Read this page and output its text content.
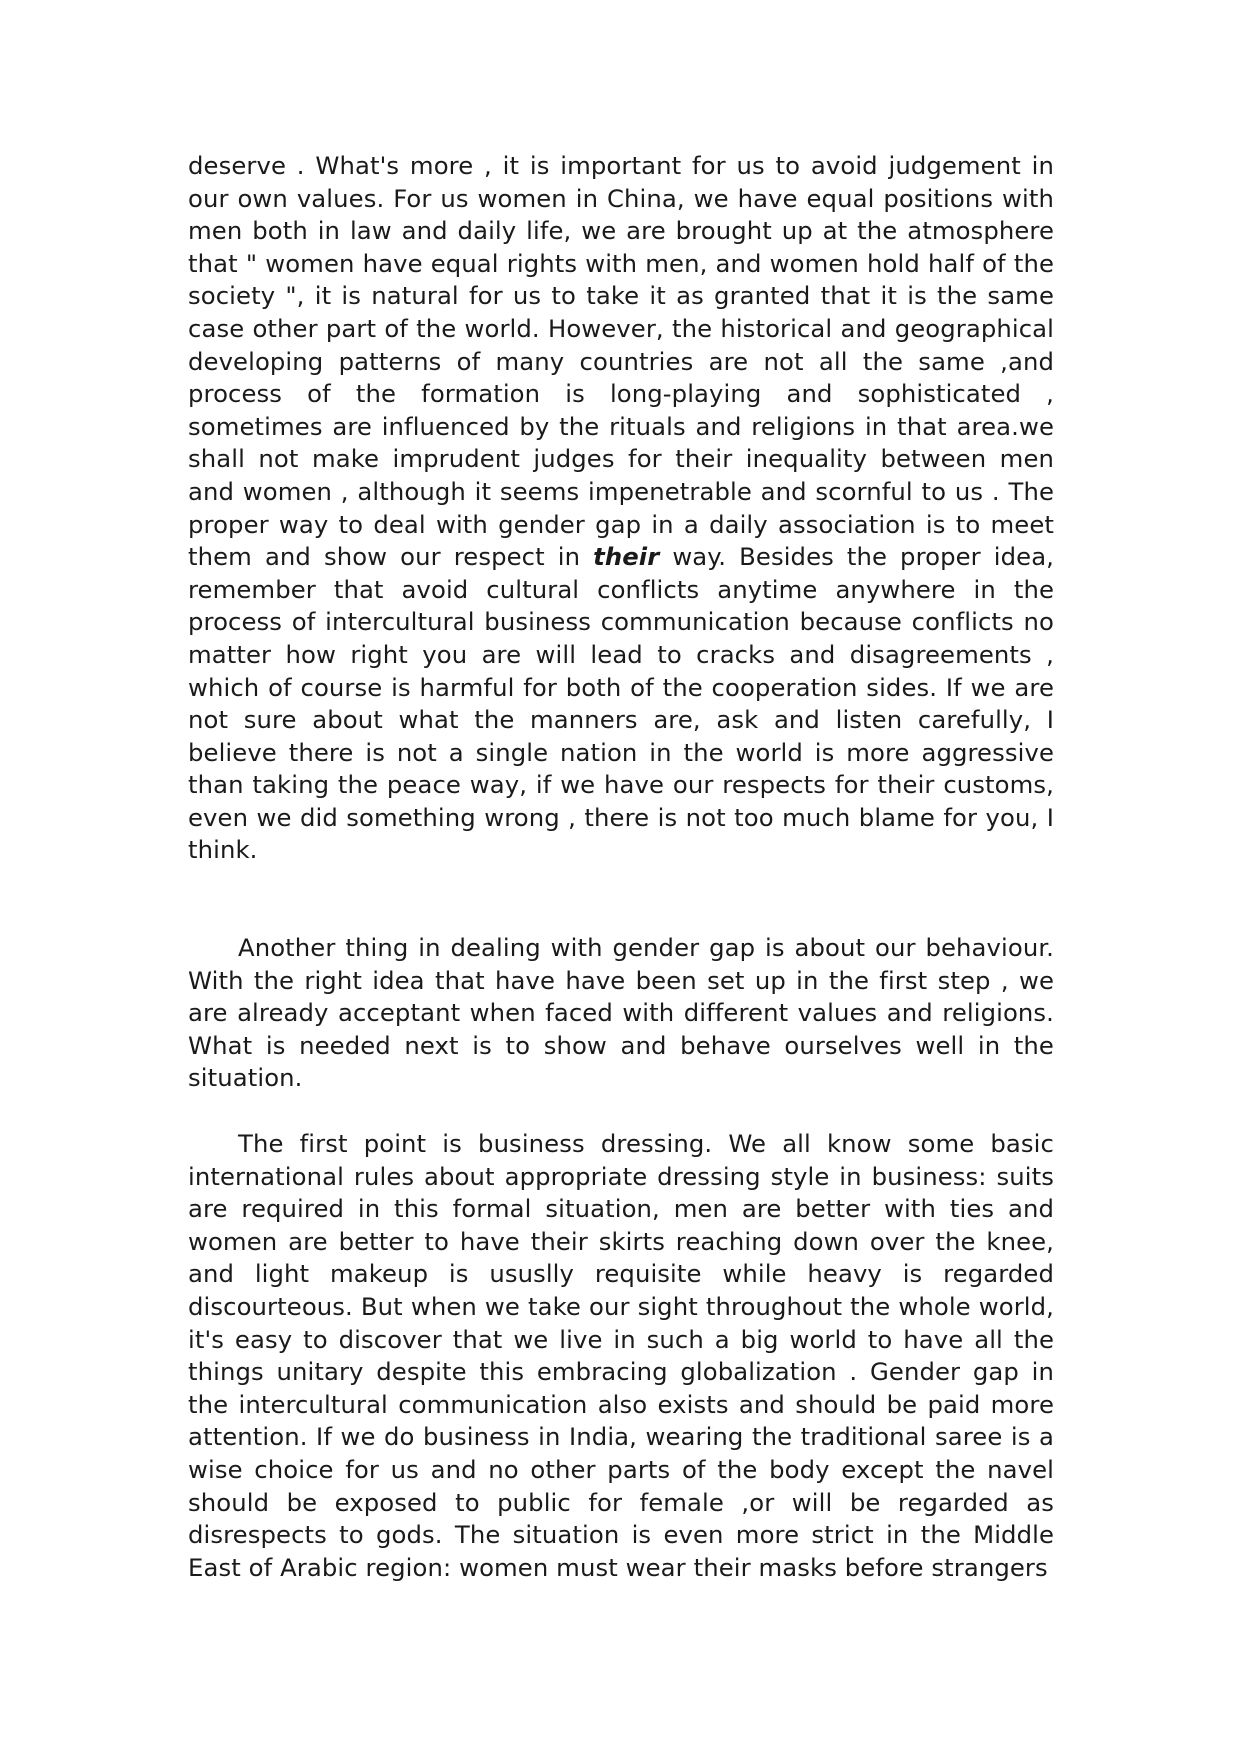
deserve . What's more , it is important for us to avoid judgement in our own values. For us women in China, we have equal positions with men both in law and daily life, we are brought up at the atmosphere that " women have equal rights with men, and women hold half of the society ", it is natural for us to take it as granted that it is the same case other part of the world. However, the historical and geographical developing patterns of many countries are not all the same ,and process of the formation is long-playing and sophisticated , sometimes are influenced by the rituals and religions in that area.we shall not make imprudent judges for their inequality between men and women , although it seems impenetrable and scornful to us . The proper way to deal with gender gap in a daily association is to meet them and show our respect in their way. Besides the proper idea, remember that avoid cultural conflicts anytime anywhere in the process of intercultural business communication because conflicts no matter how right you are will lead to cracks and disagreements , which of course is harmful for both of the cooperation sides. If we are not sure about what the manners are, ask and listen carefully, I believe there is not a single nation in the world is more aggressive than taking the peace way, if we have our respects for their customs, even we did something wrong , there is not too much blame for you, I think.

Another thing in dealing with gender gap is about our behaviour. With the right idea that have have been set up in the first step , we are already acceptant when faced with different values and religions. What is needed next is to show and behave ourselves well in the situation.

The first point is business dressing. We all know some basic international rules about appropriate dressing style in business: suits are required in this formal situation, men are better with ties and women are better to have their skirts reaching down over the knee, and light makeup is ususlly requisite while heavy is regarded discourteous. But when we take our sight throughout the whole world, it's easy to discover that we live in such a big world to have all the things unitary despite this embracing globalization . Gender gap in the intercultural communication also exists and should be paid more attention. If we do business in India, wearing the traditional saree is a wise choice for us and no other parts of the body except the navel should be exposed to public for female ,or will be regarded as disrespects to gods. The situation is even more strict in the Middle East of Arabic region: women must wear their masks before strangers
